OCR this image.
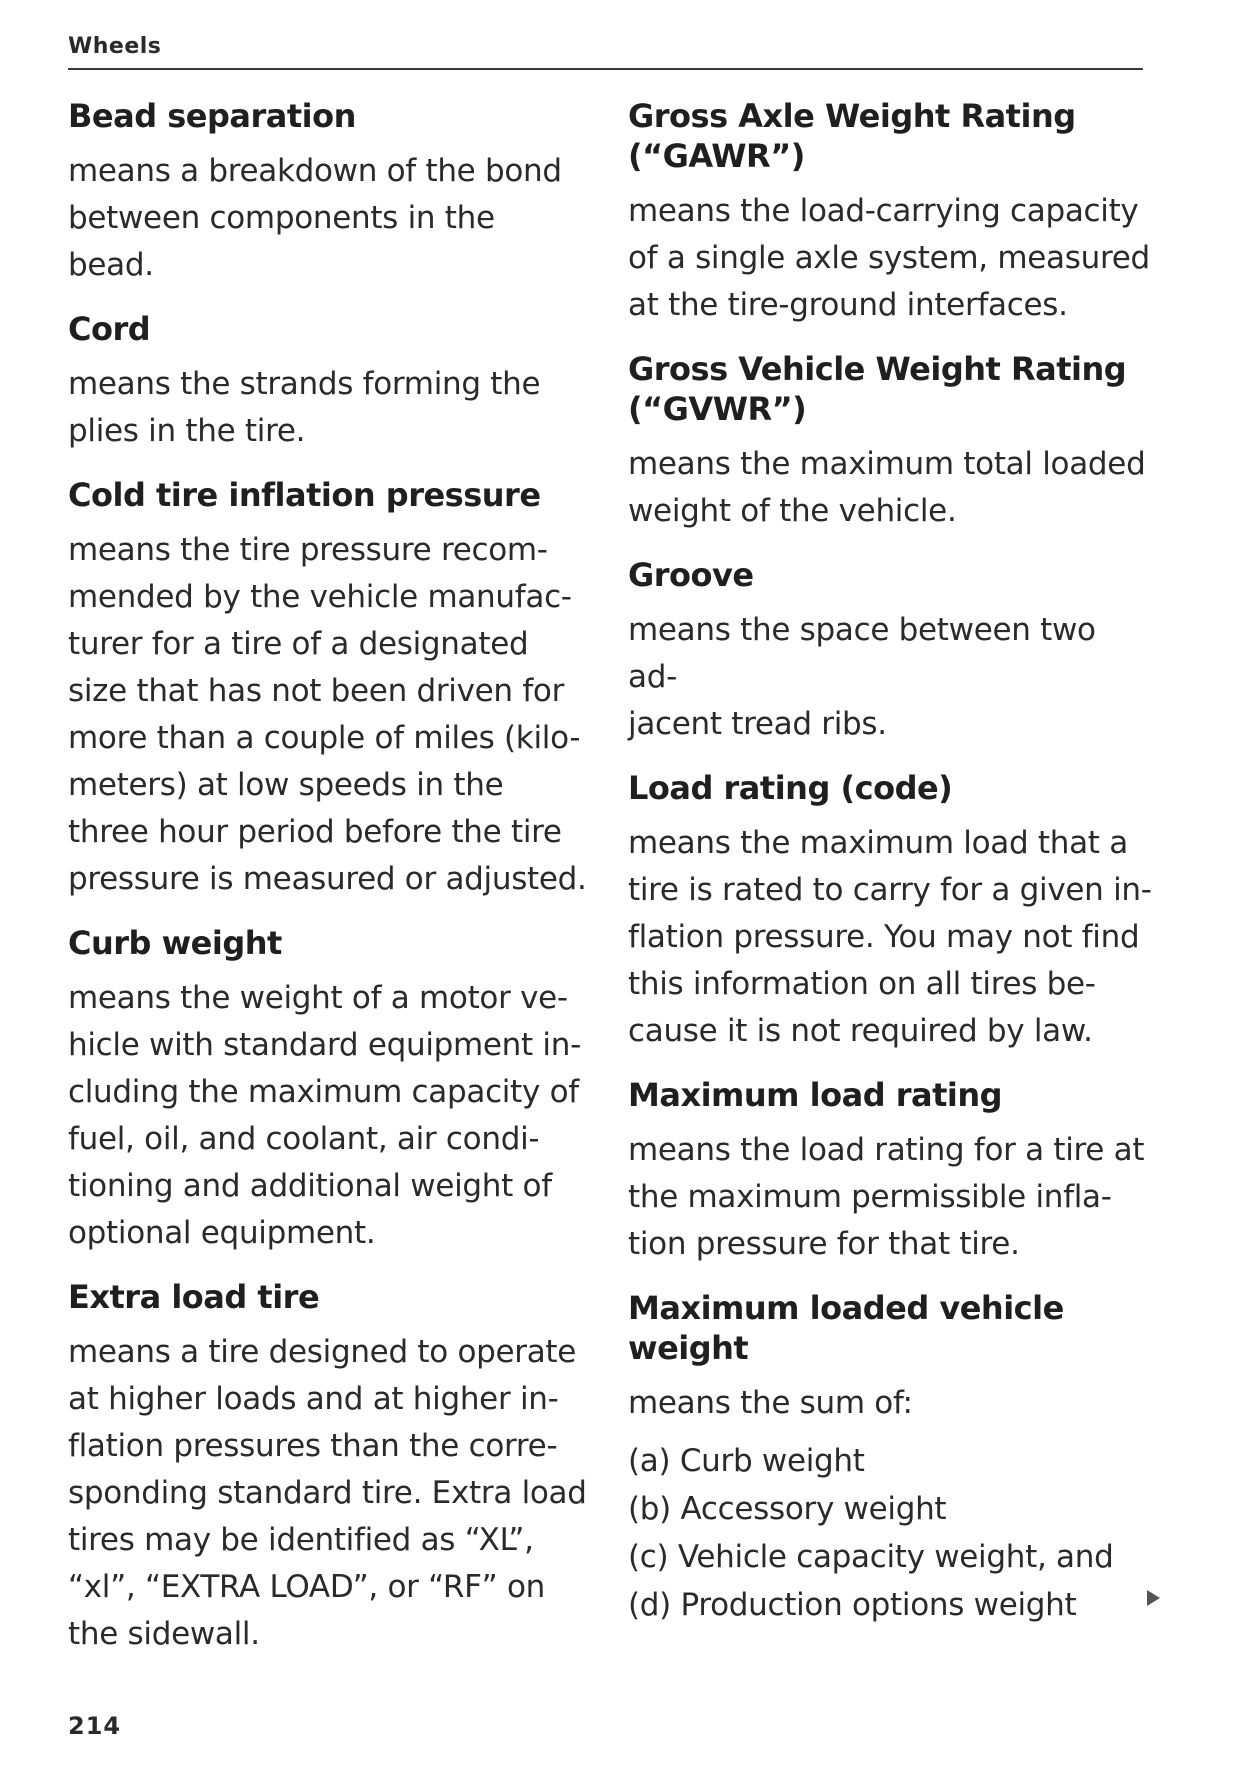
Wheels
Bead separation

means a breakdown of the bond
between components in the bead.

Cord

means the strands forming the
plies in the tire.

Cold tire inflation pressure

means the tire pressure recom-
mended by the vehicle manufac-
turer for a tire of a designated
size that has not been driven for
more than a couple of miles (kilo-
meters) at low speeds in the
three hour period before the tire
pressure is measured or adjusted.

Curb weight

means the weight of a motor ve-
hicle with standard equipment in-
cluding the maximum capacity of
fuel, oil, and coolant, air condi-
tioning and additional weight of
optional equipment.

Extra load tire

means a tire designed to operate
at higher loads and at higher in-
flation pressures than the corre-
sponding standard tire. Extra load
tires may be identified as “XL”,
“xl”, “EXTRA LOAD”, or “RF” on
the sidewall.

Gross Axle Weight Rating
(“GAWR”)

means the load-carrying capacity
of a single axle system, measured
at the tire-ground interfaces.

Gross Vehicle Weight Rating
(“GVWR”)

means the maximum total loaded
weight of the vehicle.

Groove

means the space between two ad-
jacent tread ribs.

Load rating (code)

means the maximum load that a
tire is rated to carry for a given in-
flation pressure. You may not find
this information on all tires be-
cause it is not required by law.

Maximum load rating

means the load rating for a tire at
the maximum permissible infla-
tion pressure for that tire.

Maximum loaded vehicle
weight

means the sum of:

(a) Curb weight
(b) Accessory weight
(c) Vehicle capacity weight, and
(d) Production options weight
214
